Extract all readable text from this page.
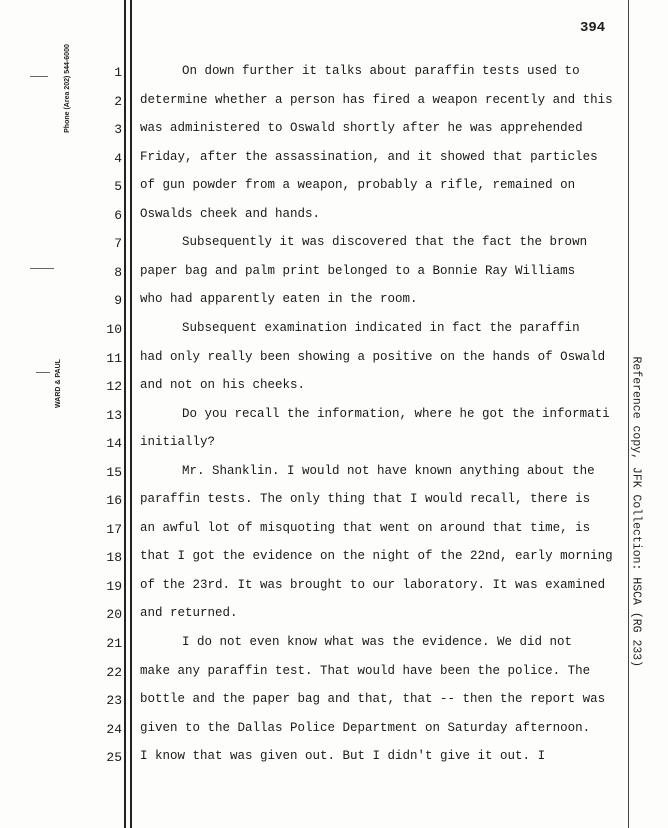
Phone (Area 202) 544-6000
WARD & PAUL	Reference copy, JFK Collection: HSCA (RG 233)
394
1	On down further it talks about paraffin tests used to
2 determine whether a person has fired a weapon recently and this
3 was administered to Oswald shortly after he was apprehended
4 Friday, after the assassination, and it showed that particles
5 of gun powder from a weapon, probably a rifle, remained on
6 Oswalds cheek and hands.
7	Subsequently it was discovered that the fact the brown
8 paper bag and palm print belonged to a Bonnie Ray Williams
9 who had apparently eaten in the room.
10	Subsequent examination indicated in fact the paraffin
11 had only really been showing a positive on the hands of Oswald
12 and not on his cheeks.
13	Do you recall the information, where he got the informati
14 initially?
15	Mr. Shanklin. I would not have known anything about the
16 paraffin tests. The only thing that I would recall, there is
17 an awful lot of misquoting that went on around that time, is
18 that I got the evidence on the night of the 22nd, early morning
19 of the 23rd. It was brought to our laboratory. It was examined
20 and returned.
21	I do not even know what was the evidence. We did not
22 make any paraffin test. That would have been the police. The
23 bottle and the paper bag and that, that -- then the report was
24 given to the Dallas Police Department on Saturday afternoon.
25 I know that was given out. But I didn't give it out. I
